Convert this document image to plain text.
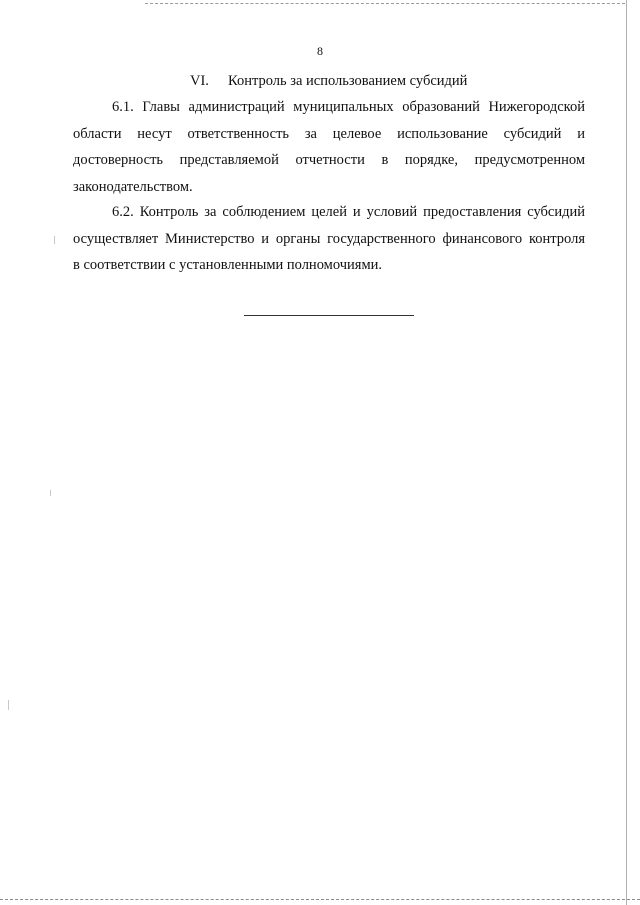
8
VI. Контроль за использованием субсидий
6.1. Главы администраций муниципальных образований Нижегородской
области несут ответственность за целевое использование субсидий и
достоверность представляемой отчетности в порядке, предусмотренном
законодательством.
6.2. Контроль за соблюдением целей и условий предоставления субсидий
осуществляет Министерство и органы государственного финансового контроля
в соответствии с установленными полномочиями.
